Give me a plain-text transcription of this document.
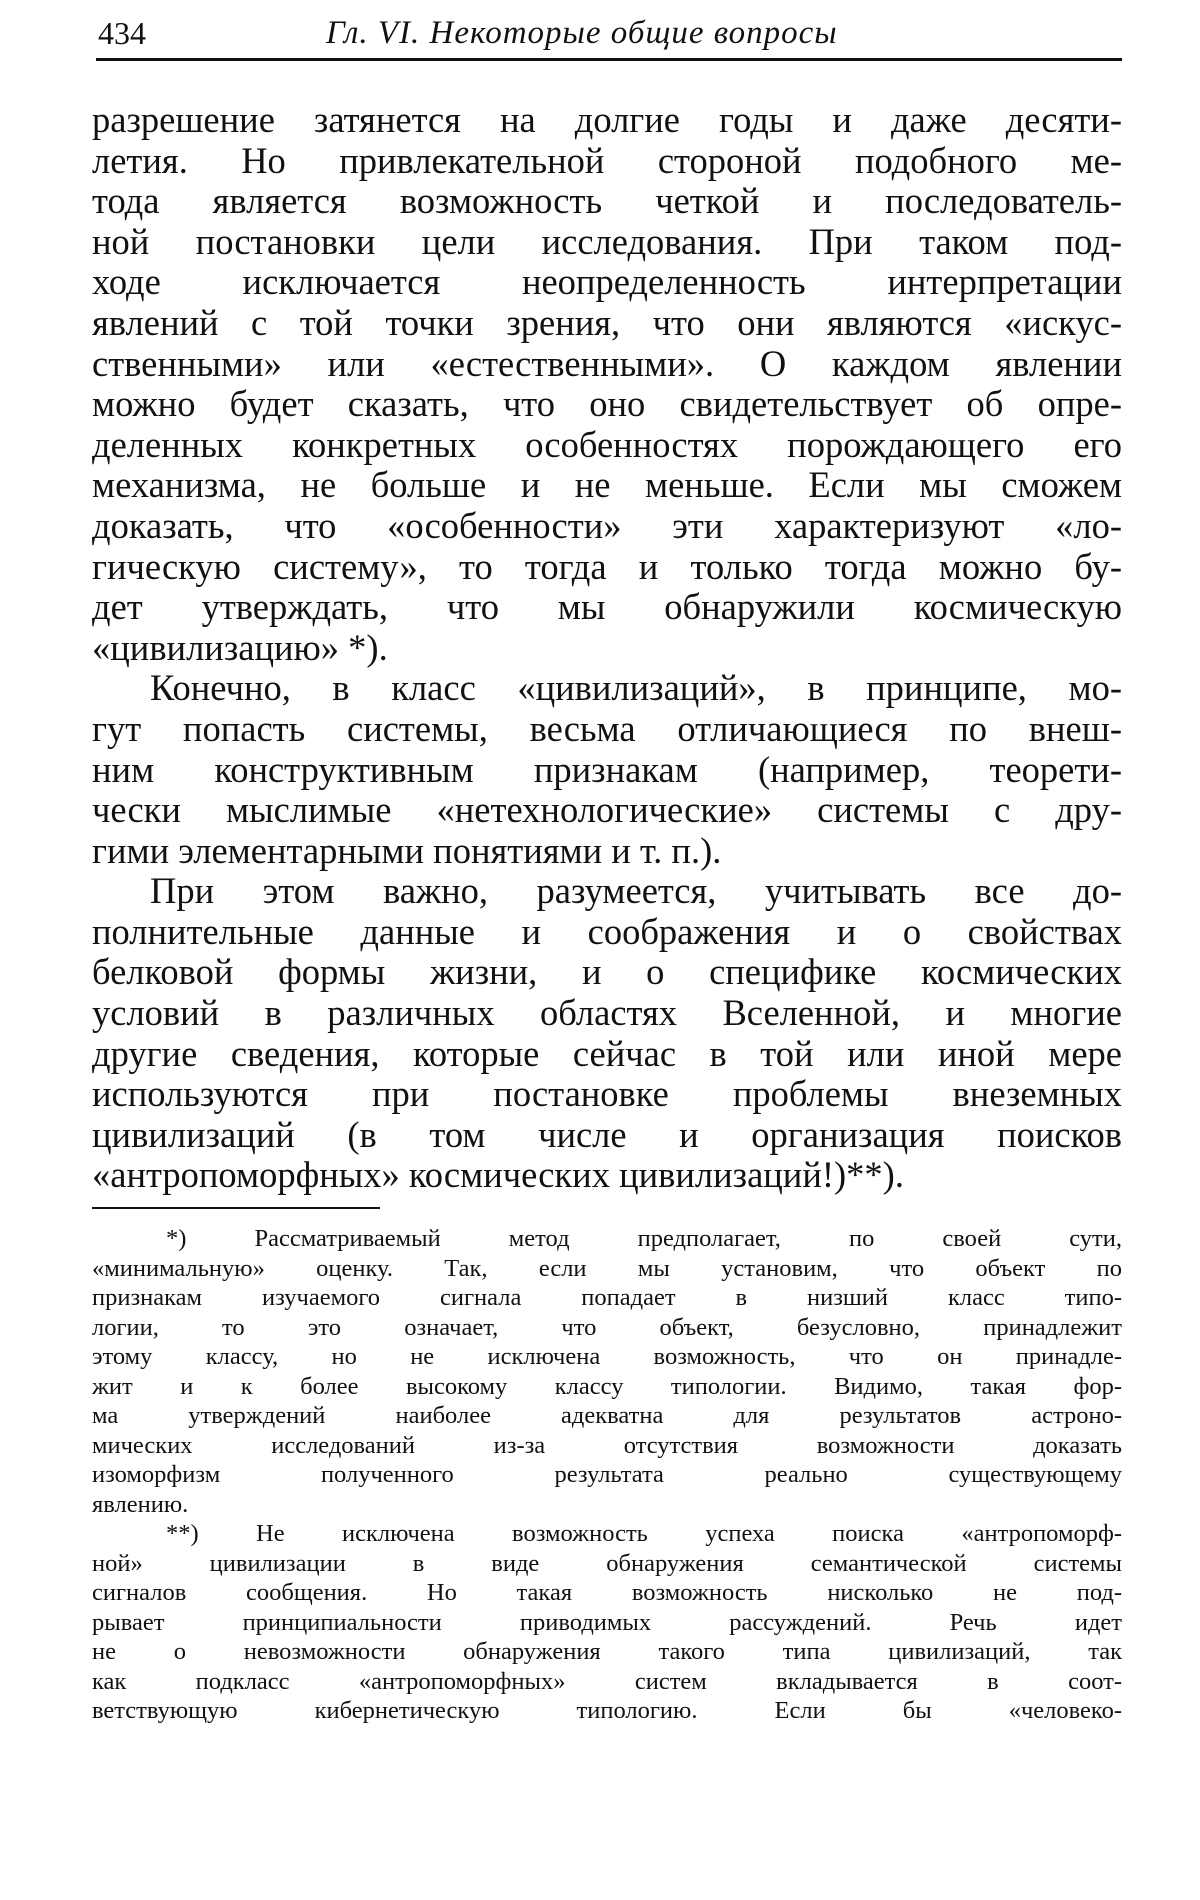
434	Гл. VI. Некоторые общие вопросы
разрешение затянется на долгие годы и даже десяти-
летия. Но привлекательной стороной подобного ме-
тода является возможность четкой и последователь-
ной постановки цели исследования. При таком под-
ходе исключается неопределенность интерпретации
явлений с той точки зрения, что они являются «искус-
ственными» или «естественными». О каждом явлении
можно будет сказать, что оно свидетельствует об опре-
деленных конкретных особенностях порождающего его
механизма, не больше и не меньше. Если мы сможем
доказать, что «особенности» эти характеризуют «ло-
гическую систему», то тогда и только тогда можно бу-
дет утверждать, что мы обнаружили космическую
«цивилизацию» *).
Конечно, в класс «цивилизаций», в принципе, мо-
гут попасть системы, весьма отличающиеся по внеш-
ним конструктивным признакам (например, теорети-
чески мыслимые «нетехнологические» системы с дру-
гими элементарными понятиями и т. п.).
При этом важно, разумеется, учитывать все до-
полнительные данные и соображения и о свойствах
белковой формы жизни, и о специфике космических
условий в различных областях Вселенной, и многие
другие сведения, которые сейчас в той или иной мере
используются при постановке проблемы внеземных
цивилизаций (в том числе и организация поисков
«антропоморфных» космических цивилизаций!)**).
*) Рассматриваемый метод предполагает, по своей сути,
«минимальную» оценку. Так, если мы установим, что объект по
признакам изучаемого сигнала попадает в низший класс типо-
логии, то это означает, что объект, безусловно, принадлежит
этому классу, но не исключена возможность, что он принадле-
жит и к более высокому классу типологии. Видимо, такая фор-
ма утверждений наиболее адекватна для результатов астроно-
мических исследований из-за отсутствия возможности доказать
изоморфизм полученного результата реально существующему
явлению.
**) Не исключена возможность успеха поиска «антропоморф-
ной» цивилизации в виде обнаружения семантической системы
сигналов сообщения. Но такая возможность нисколько не под-
рывает принципиальности приводимых рассуждений. Речь идет
не о невозможности обнаружения такого типа цивилизаций, так
как подкласс «антропоморфных» систем вкладывается в соот-
ветствующую кибернетическую типологию. Если бы «человеко-
